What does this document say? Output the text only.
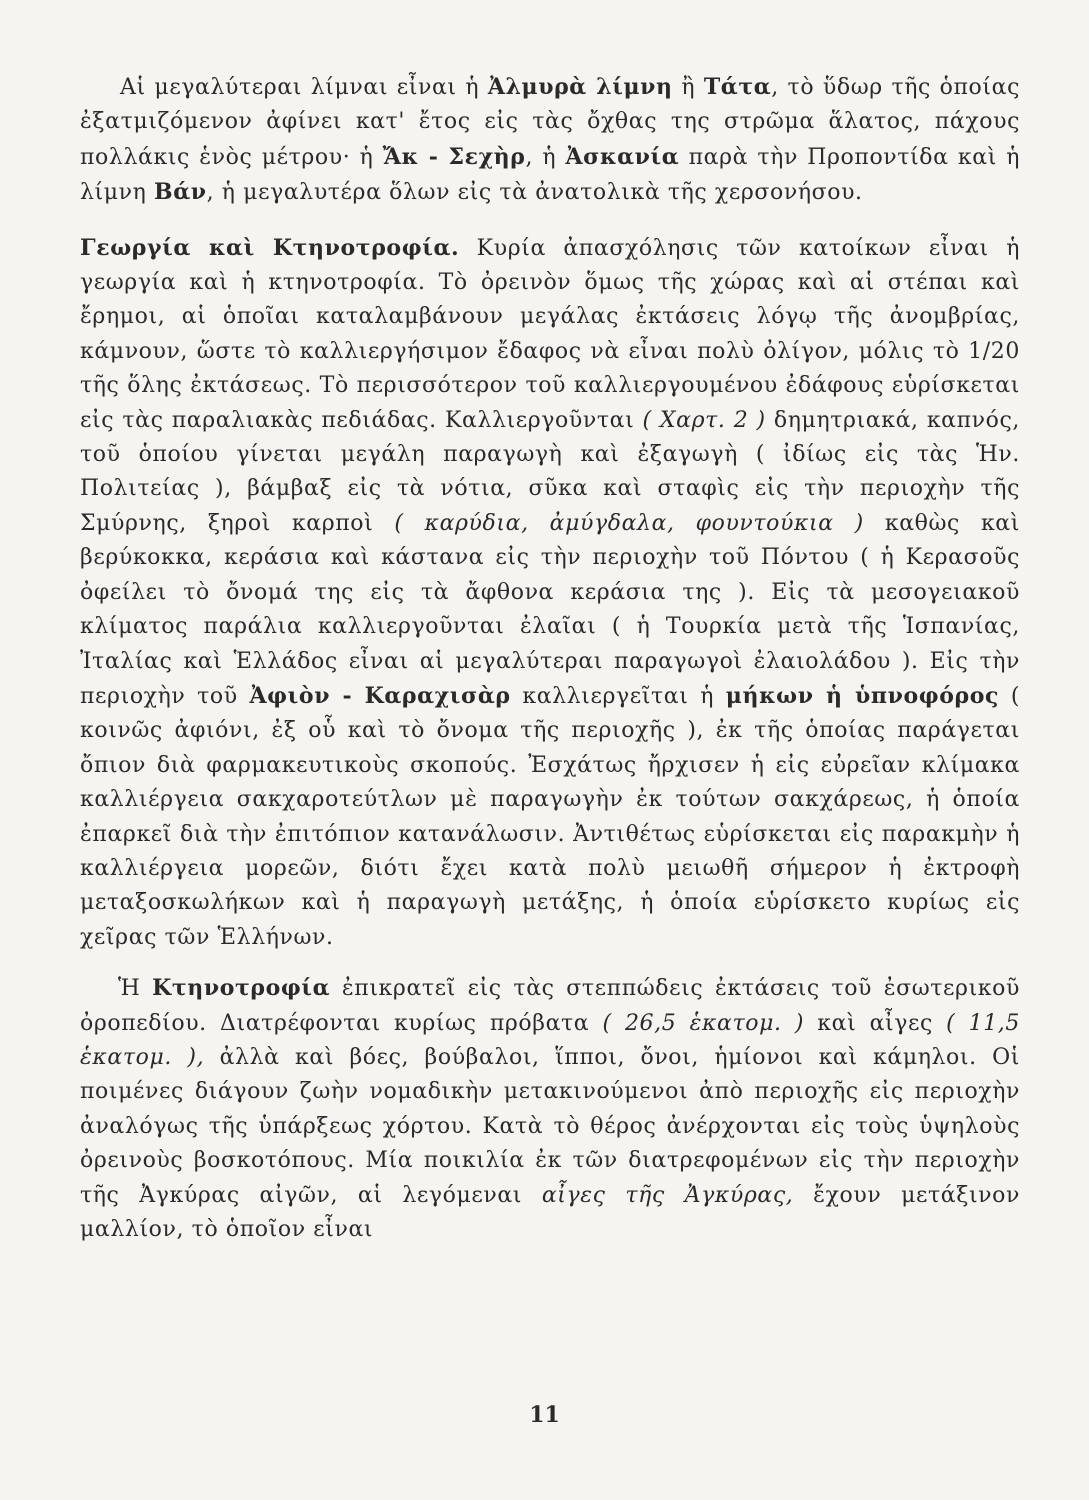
Αἱ μεγαλύτεραι λίμναι εἶναι ἡ Ἀλμυρὰ λίμνη ἢ Τάτα, τὸ ὕδωρ τῆς ὁποίας ἐξατμιζόμενον ἀφίνει κατ' ἔτος εἰς τὰς ὄχθας της στρῶμα ἅλατος, πάχους πολλάκις ἑνὸς μέτρου· ἡ Ἄκ - Σεχὴρ, ἡ Ἀσκανία παρὰ τὴν Προποντίδα καὶ ἡ λίμνη Βάν, ἡ μεγαλυτέρα ὅλων εἰς τὰ ἀνατολικὰ τῆς χερσονήσου.

Γεωργία καὶ Κτηνοτροφία. Κυρία ἀπασχόλησις τῶν κατοίκων εἶναι ἡ γεωργία καὶ ἡ κτηνοτροφία. Τὸ ὀρεινὸν ὅμως τῆς χώρας καὶ αἱ στέπαι καὶ ἔρημοι, αἱ ὁποῖαι καταλαμβάνουν μεγάλας ἐκτάσεις λόγῳ τῆς ἀνομβρίας, κάμνουν, ὥστε τὸ καλλιεργήσιμον ἔδαφος νὰ εἶναι πολὺ ὀλίγον, μόλις τὸ 1/20 τῆς ὅλης ἐκτάσεως. Τὸ περισσότερον τοῦ καλλιεργουμένου ἐδάφους εὑρίσκεται εἰς τὰς παραλιακὰς πεδιάδας. Καλλιεργοῦνται ( Χαρτ. 2 ) δημητριακά, καπνός, τοῦ ὁποίου γίνεται μεγάλη παραγωγὴ καὶ ἐξαγωγὴ ( ἰδίως εἰς τὰς Ἡν. Πολιτείας ), βάμβαξ εἰς τὰ νότια, σῦκα καὶ σταφὶς εἰς τὴν περιοχὴν τῆς Σμύρνης, ξηροὶ καρποὶ ( καρύδια, ἀμύγδαλα, φουντούκια ) καθὼς καὶ βερύκοκκα, κεράσια καὶ κάστανα εἰς τὴν περιοχὴν τοῦ Πόντου ( ἡ Κερασοῦς ὀφείλει τὸ ὄνομά της εἰς τὰ ἄφθονα κεράσια της ). Εἰς τὰ μεσογειακοῦ κλίματος παράλια καλλιεργοῦνται ἐλαῖαι ( ἡ Τουρκία μετὰ τῆς Ἱσπανίας, Ἰταλίας καὶ Ἑλλάδος εἶναι αἱ μεγαλύτεραι παραγωγοὶ ἐλαιολάδου ). Εἰς τὴν περιοχὴν τοῦ Ἀφιὸν - Καραχισὰρ καλλιεργεῖται ἡ μήκων ἡ ὑπνοφόρος ( κοινῶς ἀφιόνι, ἐξ οὗ καὶ τὸ ὄνομα τῆς περιοχῆς ), ἐκ τῆς ὁποίας παράγεται ὄπιον διὰ φαρμακευτικοὺς σκοπούς. Ἐσχάτως ἤρχισεν ἡ εἰς εὐρεῖαν κλίμακα καλλιέργεια σακχαροτεύτλων μὲ παραγωγὴν ἐκ τούτων σακχάρεως, ἡ ὁποία ἐπαρκεῖ διὰ τὴν ἐπιτόπιον κατανάλωσιν. Ἀντιθέτως εὑρίσκεται εἰς παρακμὴν ἡ καλλιέργεια μορεῶν, διότι ἔχει κατὰ πολὺ μειωθῆ σήμερον ἡ ἐκτροφὴ μεταξοσκωλήκων καὶ ἡ παραγωγὴ μετάξης, ἡ ὁποία εὑρίσκετο κυρίως εἰς χεῖρας τῶν Ἑλλήνων.

Ἡ Κτηνοτροφία ἐπικρατεῖ εἰς τὰς στεππώδεις ἐκτάσεις τοῦ ἐσωτερικοῦ ὀροπεδίου. Διατρέφονται κυρίως πρόβατα ( 26,5 ἑκατομ. ) καὶ αἶγες ( 11,5 ἑκατομ. ), ἀλλὰ καὶ βόες, βούβαλοι, ἵπποι, ὄνοι, ἡμίονοι καὶ κάμηλοι. Οἱ ποιμένες διάγουν ζωὴν νομαδικὴν μετακινούμενοι ἀπὸ περιοχῆς εἰς περιοχὴν ἀναλόγως τῆς ὑπάρξεως χόρτου. Κατὰ τὸ θέρος ἀνέρχονται εἰς τοὺς ὑψηλοὺς ὀρεινοὺς βοσκοτόπους. Μία ποικιλία ἐκ τῶν διατρεφομένων εἰς τὴν περιοχὴν τῆς Ἀγκύρας αἰγῶν, αἱ λεγόμεναι αἶγες τῆς Ἀγκύρας, ἔχουν μετάξινον μαλλίον, τὸ ὁποῖον εἶναι

11
